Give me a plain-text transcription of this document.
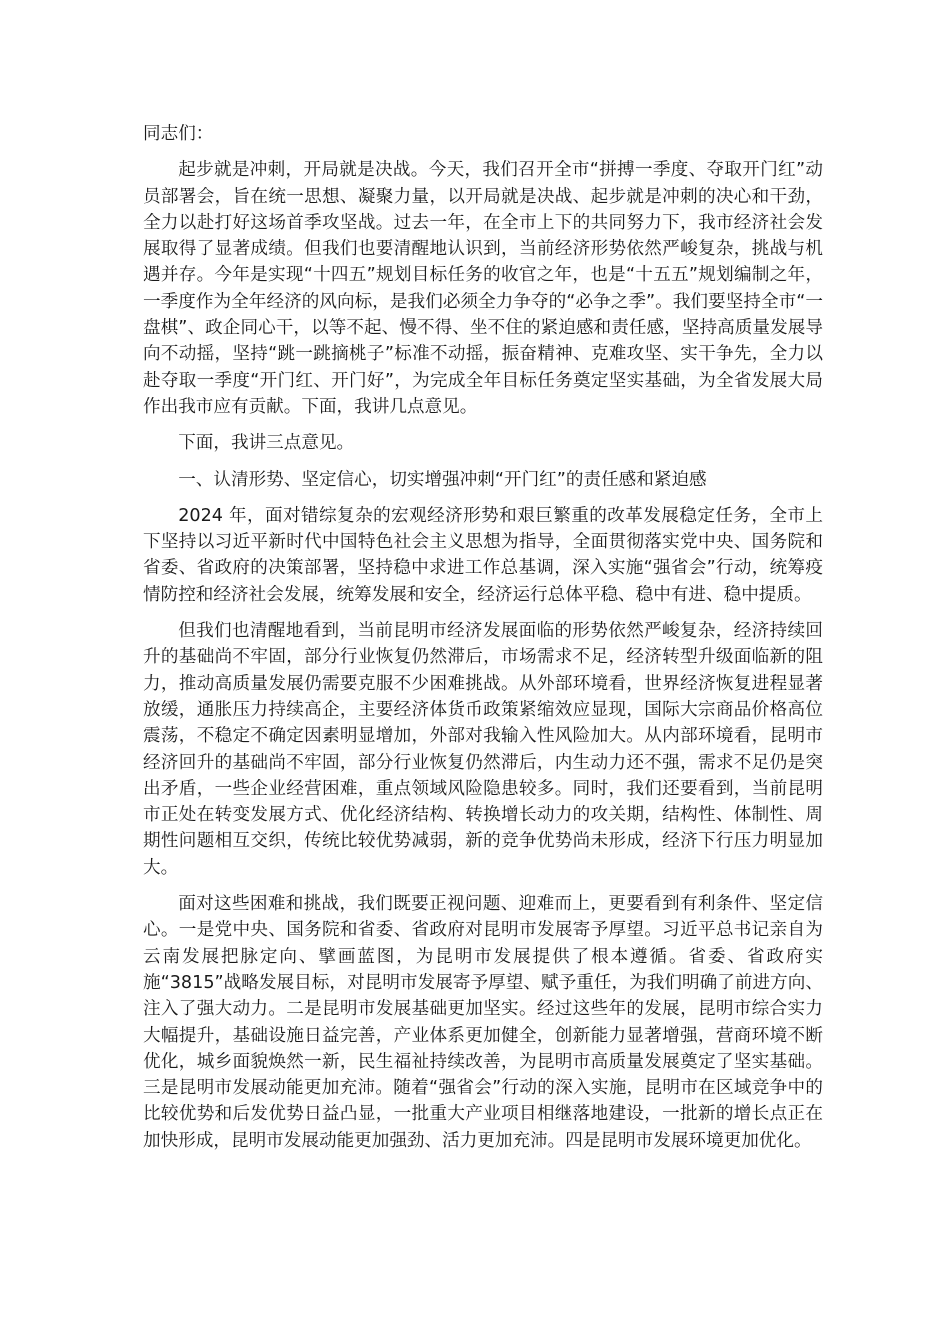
同志们：

起步就是冲刺，开局就是决战。今天，我们召开全市“拼搏一季度、夺取开门红”动员部署会，旨在统一思想、凝聚力量，以开局就是决战、起步就是冲刺的决心和干劲，全力以赴打好这场首季攻坚战。过去一年，在全市上下的共同努力下，我市经济社会发展取得了显著成绩。但我们也要清醒地认识到，当前经济形势依然严峻复杂，挑战与机遇并存。今年是实现“十四五”规划目标任务的收官之年，也是“十五五”规划编制之年，一季度作为全年经济的风向标，是我们必须全力争夺的“必争之季”。我们要坚持全市“一盘棋”、政企同心干，以等不起、慢不得、坐不住的紧迫感和责任感，坚持高质量发展导向不动摇，坚持“跳一跳摘桃子”标准不动摇，振奋精神、克难攻坚、实干争先，全力以赴夺取一季度“开门红、开门好”，为完成全年目标任务奠定坚实基础，为全省发展大局作出我市应有贡献。下面，我讲几点意见。

下面，我讲三点意见。

一、认清形势、坚定信心，切实增强冲刺“开门红”的责任感和紧迫感

2024 年，面对错综复杂的宏观经济形势和艰巨繁重的改革发展稳定任务，全市上下坚持以习近平新时代中国特色社会主义思想为指导，全面贯彻落实党中央、国务院和省委、省政府的决策部署，坚持稳中求进工作总基调，深入实施“强省会”行动，统筹疫情防控和经济社会发展，统筹发展和安全，经济运行总体平稳、稳中有进、稳中提质。

但我们也清醒地看到，当前昆明市经济发展面临的形势依然严峻复杂，经济持续回升的基础尚不牢固，部分行业恢复仍然滞后，市场需求不足，经济转型升级面临新的阻力，推动高质量发展仍需要克服不少困难挑战。从外部环境看，世界经济恢复进程显著放缓，通胀压力持续高企，主要经济体货币政策紧缩效应显现，国际大宗商品价格高位震荡，不稳定不确定因素明显增加，外部对我输入性风险加大。从内部环境看，昆明市经济回升的基础尚不牢固，部分行业恢复仍然滞后，内生动力还不强，需求不足仍是突出矛盾，一些企业经营困难，重点领域风险隐患较多。同时，我们还要看到，当前昆明市正处在转变发展方式、优化经济结构、转换增长动力的攻关期，结构性、体制性、周期性问题相互交织，传统比较优势减弱，新的竞争优势尚未形成，经济下行压力明显加大。

面对这些困难和挑战，我们既要正视问题、迎难而上，更要看到有利条件、坚定信心。一是党中央、国务院和省委、省政府对昆明市发展寄予厚望。习近平总书记亲自为云南发展把脉定向、擘画蓝图，为昆明市发展提供了根本遵循。省委、省政府实施“3815”战略发展目标，对昆明市发展寄予厚望、赋予重任，为我们明确了前进方向、注入了强大动力。二是昆明市发展基础更加坚实。经过这些年的发展，昆明市综合实力大幅提升，基础设施日益完善，产业体系更加健全，创新能力显著增强，营商环境不断优化，城乡面貌焕然一新，民生福祉持续改善，为昆明市高质量发展奠定了坚实基础。三是昆明市发展动能更加充沛。随着“强省会”行动的深入实施，昆明市在区域竞争中的比较优势和后发优势日益凸显，一批重大产业项目相继落地建设，一批新的增长点正在加快形成，昆明市发展动能更加强劲、活力更加充沛。四是昆明市发展环境更加优化。
